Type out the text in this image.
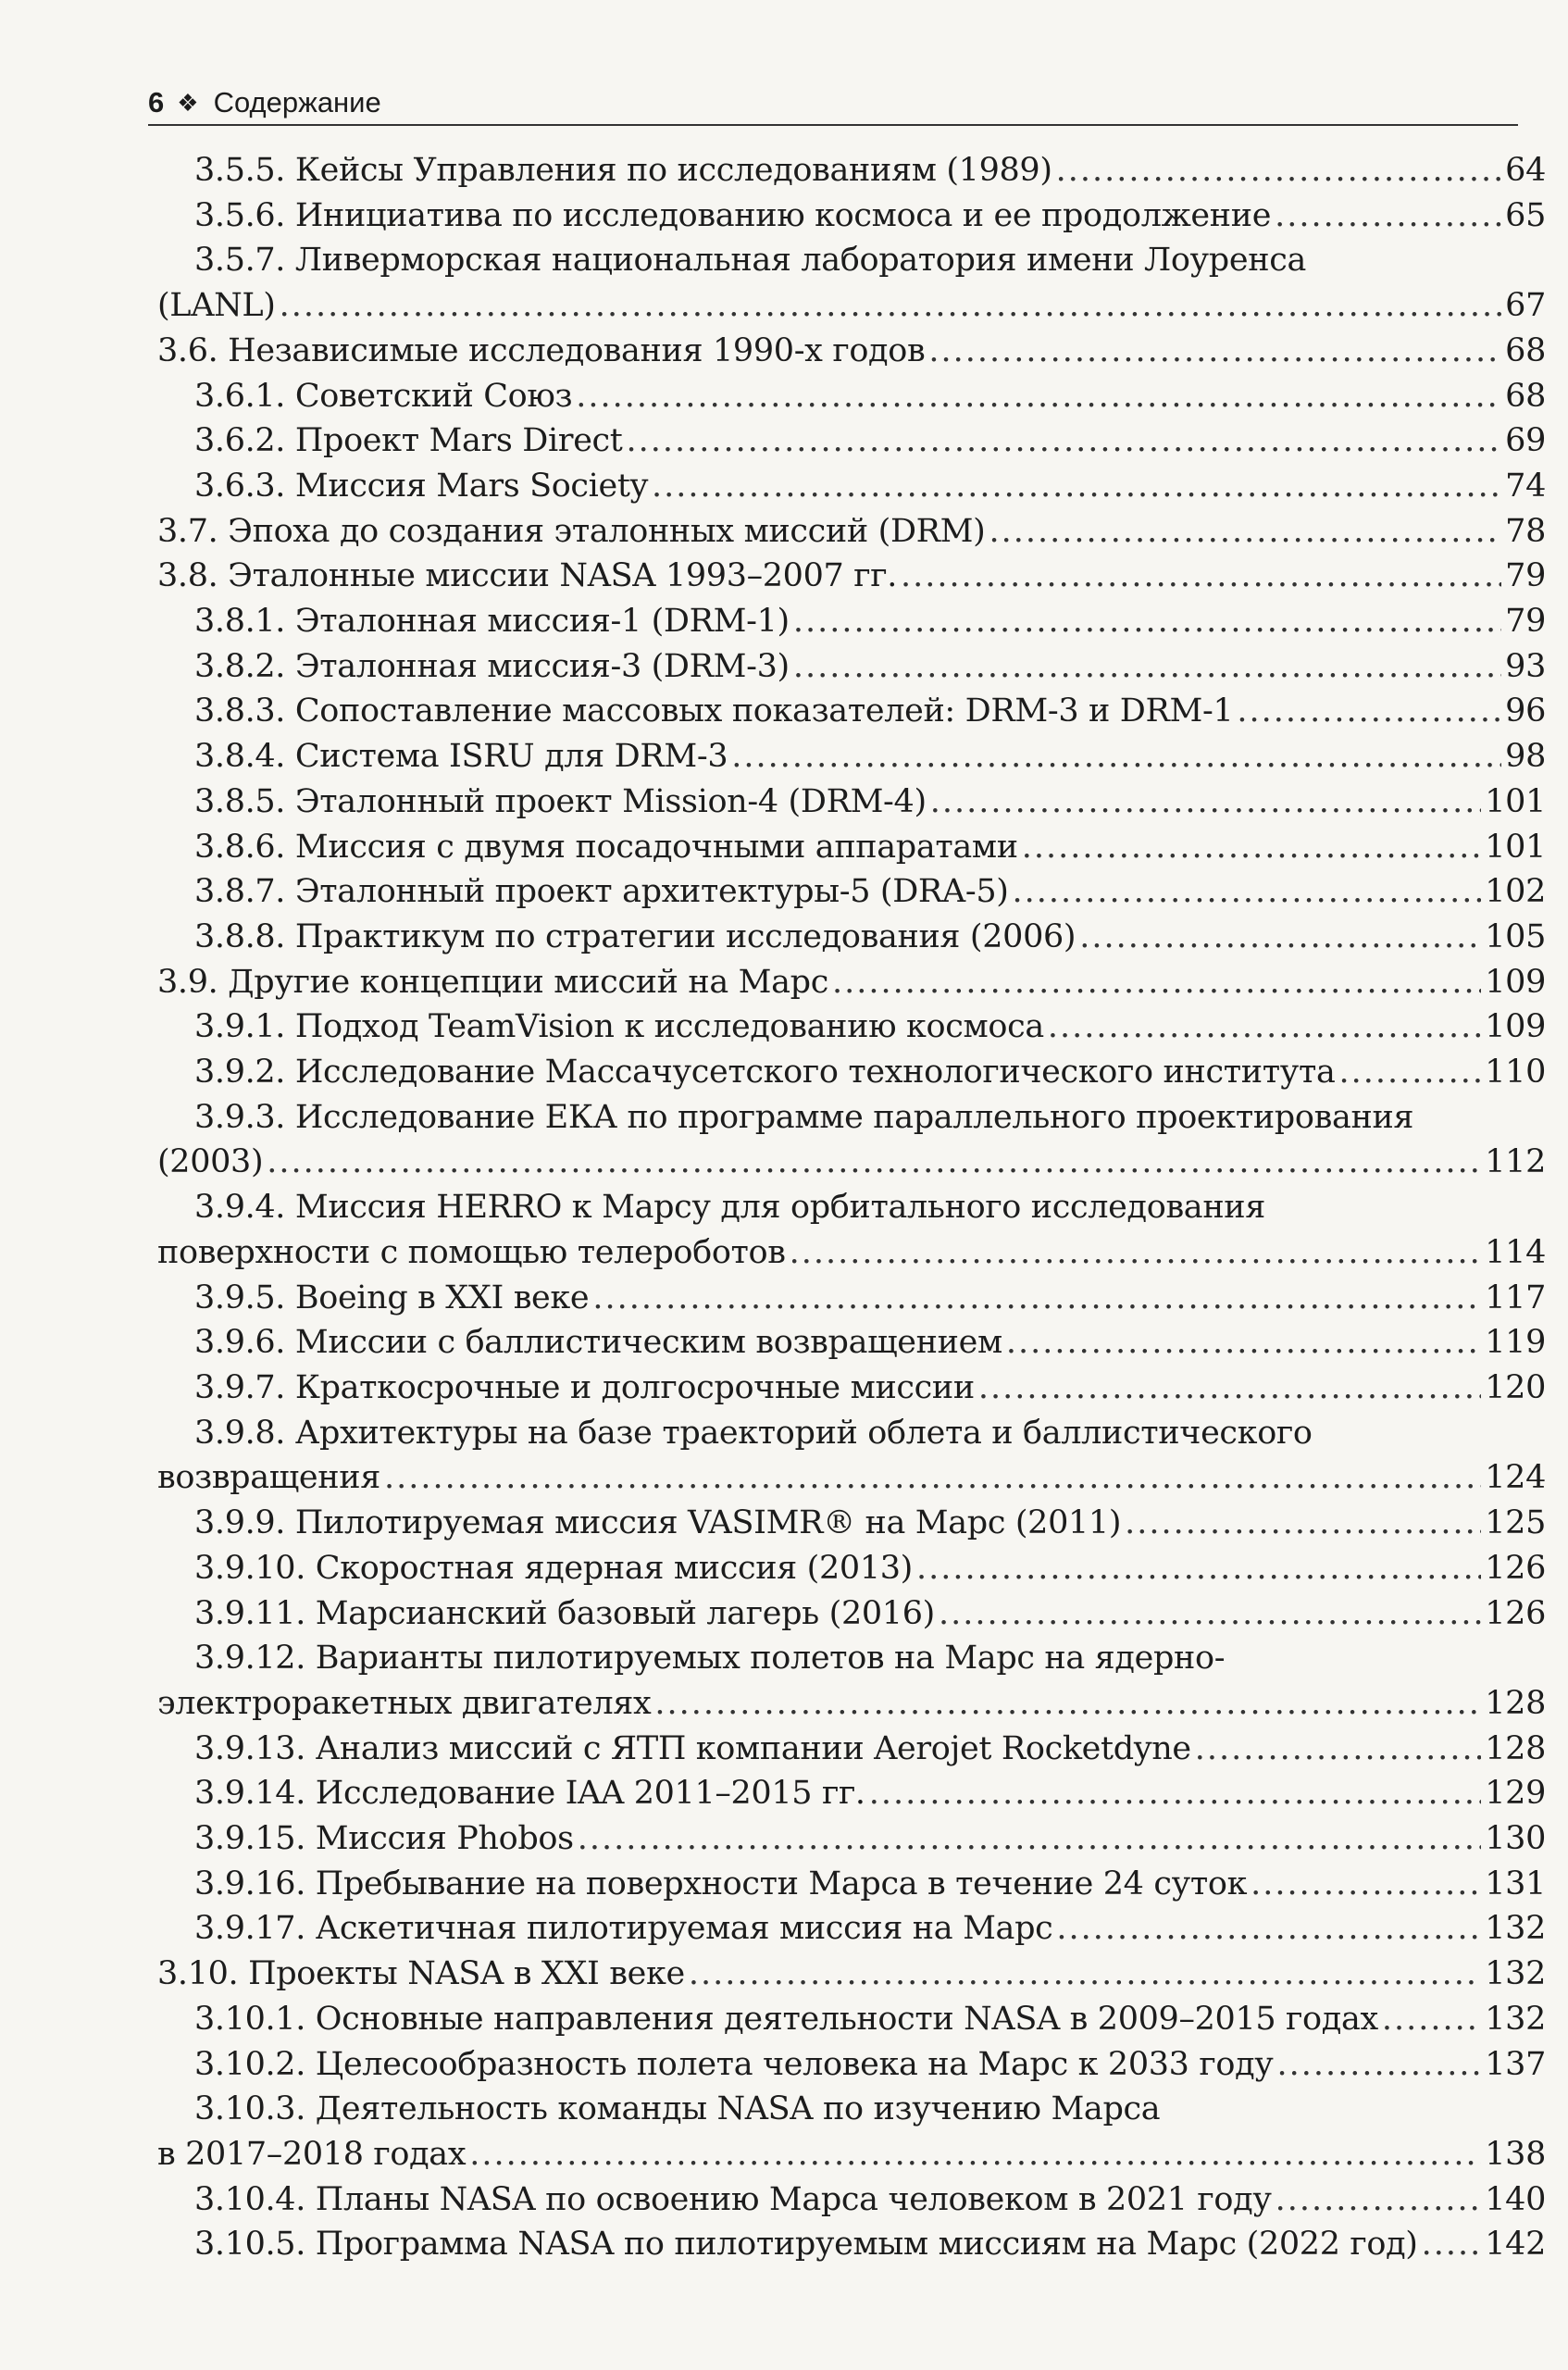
6 ❖ Содержание
3.5.5. Кейсы Управления по исследованиям (1989) .....	64
3.5.6. Инициатива по исследованию космоса и ее продолжение .....	65
3.5.7. Ливерморская национальная лаборатория имени Лоуренса
(LANL) .....	67
3.6. Независимые исследования 1990-х годов .....	68
3.6.1. Советский Союз .....	68
3.6.2. Проект Mars Direct .....	69
3.6.3. Миссия Mars Society .....	74
3.7. Эпоха до создания эталонных миссий (DRM) .....	78
3.8. Эталонные миссии NASA 1993–2007 гг. .....	79
3.8.1. Эталонная миссия-1 (DRM-1) .....	79
3.8.2. Эталонная миссия-3 (DRM-3) .....	93
3.8.3. Сопоставление массовых показателей: DRM-3 и DRM-1 .....	96
3.8.4. Система ISRU для DRM-3 .....	98
3.8.5. Эталонный проект Mission-4 (DRM-4) .....	101
3.8.6. Миссия с двумя посадочными аппаратами .....	101
3.8.7. Эталонный проект архитектуры-5 (DRA-5) .....	102
3.8.8. Практикум по стратегии исследования (2006) .....	105
3.9. Другие концепции миссий на Марс .....	109
3.9.1. Подход TeamVision к исследованию космоса .....	109
3.9.2. Исследование Массачусетского технологического института .....	110
3.9.3. Исследование ЕКА по программе параллельного проектирования
(2003) .....	112
3.9.4. Миссия HERRO к Марсу для орбитального исследования
поверхности с помощью телероботов .....	114
3.9.5. Boeing в XXI веке .....	117
3.9.6. Миссии с баллистическим возвращением .....	119
3.9.7. Краткосрочные и долгосрочные миссии .....	120
3.9.8. Архитектуры на базе траекторий облета и баллистического
возвращения .....	124
3.9.9. Пилотируемая миссия VASIMR® на Марс (2011) .....	125
3.9.10. Скоростная ядерная миссия (2013) .....	126
3.9.11. Марсианский базовый лагерь (2016) .....	126
3.9.12. Варианты пилотируемых полетов на Марс на ядерно-
электроракетных двигателях .....	128
3.9.13. Анализ миссий с ЯТП компании Aerojet Rocketdyne .....	128
3.9.14. Исследование IAA 2011–2015 гг. .....	129
3.9.15. Миссия Phobos .....	130
3.9.16. Пребывание на поверхности Марса в течение 24 суток .....	131
3.9.17. Аскетичная пилотируемая миссия на Марс .....	132
3.10. Проекты NASA в XXI веке .....	132
3.10.1. Основные направления деятельности NASA в 2009–2015 годах .....	132
3.10.2. Целесообразность полета человека на Марс к 2033 году .....	137
3.10.3. Деятельность команды NASA по изучению Марса
в 2017–2018 годах .....	138
3.10.4. Планы NASA по освоению Марса человеком в 2021 году .....	140
3.10.5. Программа NASA по пилотируемым миссиям на Марс (2022 год) ..... 142
